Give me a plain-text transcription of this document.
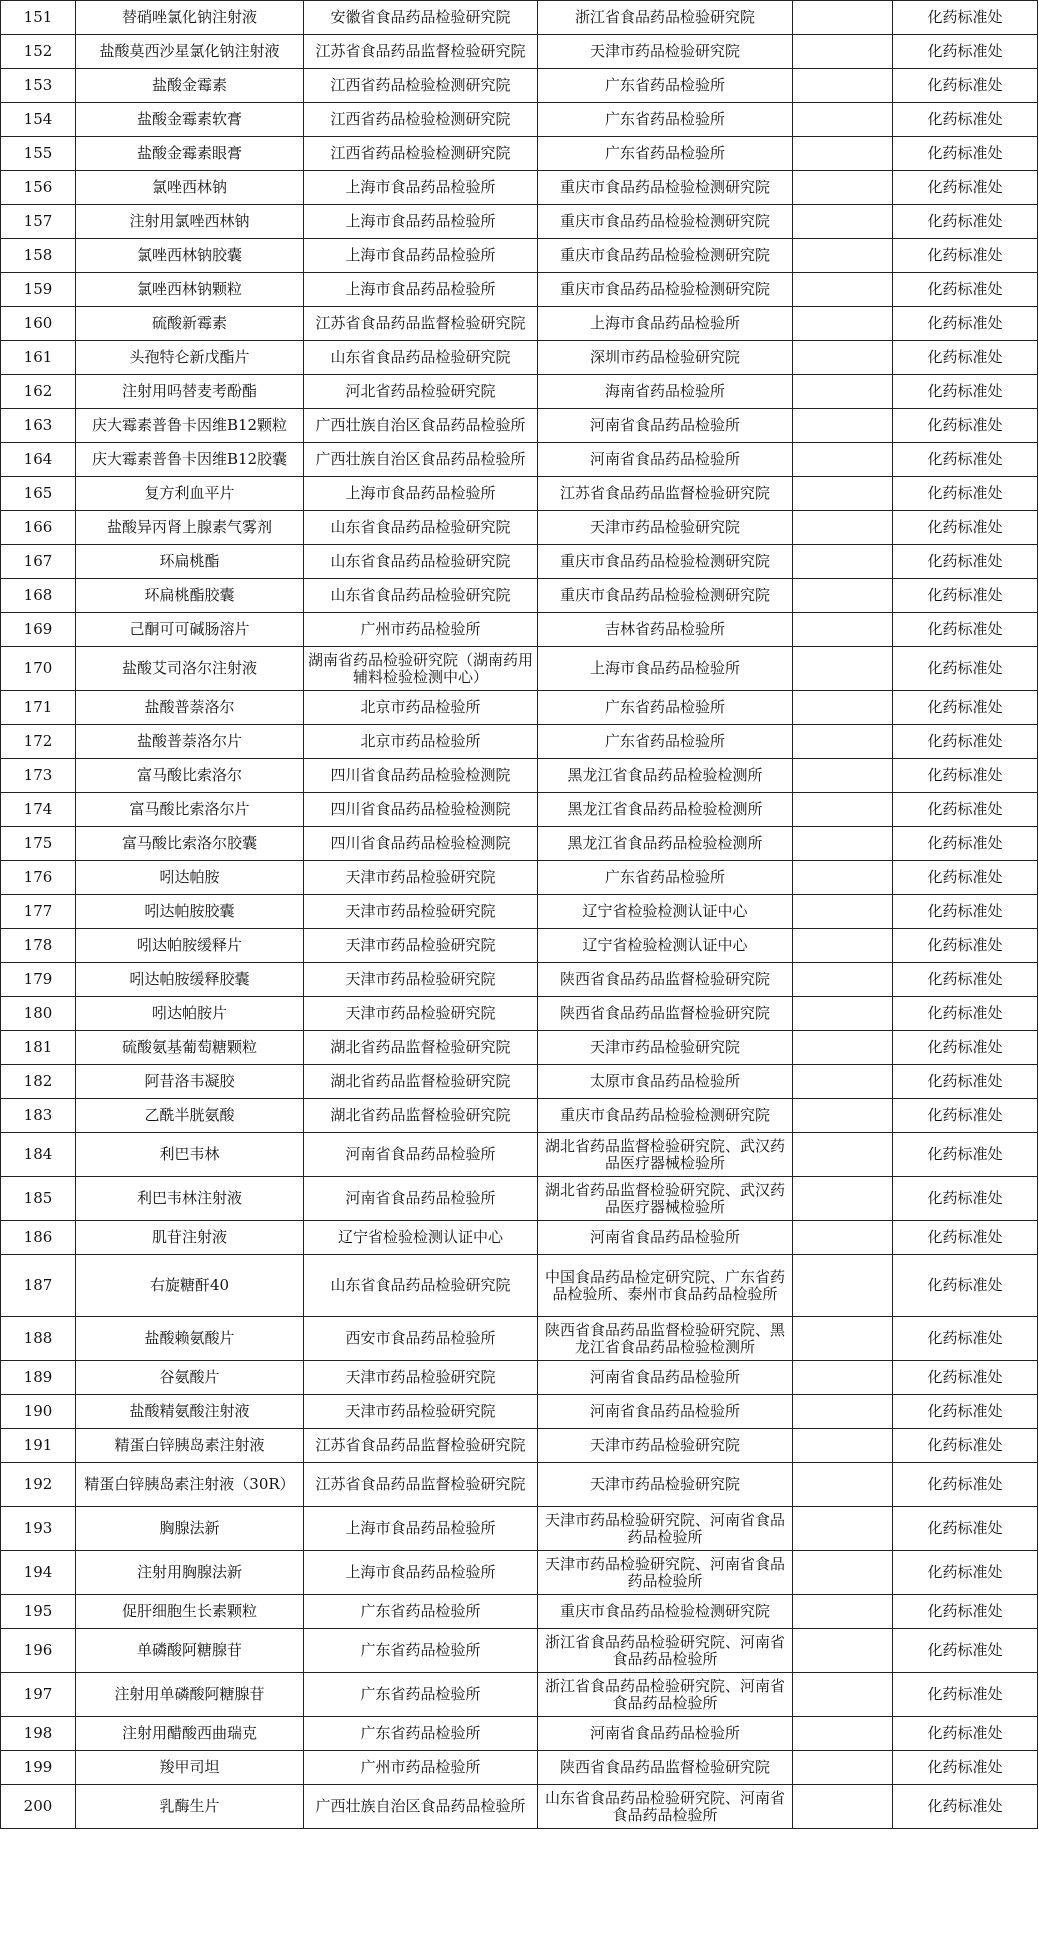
151	替硝唑氯化钠注射液	安徽省食品药品检验研究院	浙江省食品药品检验研究院		化药标准处
152	盐酸莫西沙星氯化钠注射液	江苏省食品药品监督检验研究院	天津市药品检验研究院		化药标准处
153	盐酸金霉素	江西省药品检验检测研究院	广东省药品检验所		化药标准处
154	盐酸金霉素软膏	江西省药品检验检测研究院	广东省药品检验所		化药标准处
155	盐酸金霉素眼膏	江西省药品检验检测研究院	广东省药品检验所		化药标准处
156	氯唑西林钠	上海市食品药品检验所	重庆市食品药品检验检测研究院		化药标准处
157	注射用氯唑西林钠	上海市食品药品检验所	重庆市食品药品检验检测研究院		化药标准处
158	氯唑西林钠胶囊	上海市食品药品检验所	重庆市食品药品检验检测研究院		化药标准处
159	氯唑西林钠颗粒	上海市食品药品检验所	重庆市食品药品检验检测研究院		化药标准处
160	硫酸新霉素	江苏省食品药品监督检验研究院	上海市食品药品检验所		化药标准处
161	头孢特仑新戊酯片	山东省食品药品检验研究院	深圳市药品检验研究院		化药标准处
162	注射用吗替麦考酚酯	河北省药品检验研究院	海南省药品检验所		化药标准处
163	庆大霉素普鲁卡因维B12颗粒	广西壮族自治区食品药品检验所	河南省食品药品检验所		化药标准处
164	庆大霉素普鲁卡因维B12胶囊	广西壮族自治区食品药品检验所	河南省食品药品检验所		化药标准处
165	复方利血平片	上海市食品药品检验所	江苏省食品药品监督检验研究院		化药标准处
166	盐酸异丙肾上腺素气雾剂	山东省食品药品检验研究院	天津市药品检验研究院		化药标准处
167	环扁桃酯	山东省食品药品检验研究院	重庆市食品药品检验检测研究院		化药标准处
168	环扁桃酯胶囊	山东省食品药品检验研究院	重庆市食品药品检验检测研究院		化药标准处
169	己酮可可碱肠溶片	广州市药品检验所	吉林省药品检验所		化药标准处
170	盐酸艾司洛尔注射液	湖南省药品检验研究院（湖南药用辅料检验检测中心）	上海市食品药品检验所		化药标准处
171	盐酸普萘洛尔	北京市药品检验所	广东省药品检验所		化药标准处
172	盐酸普萘洛尔片	北京市药品检验所	广东省药品检验所		化药标准处
173	富马酸比索洛尔	四川省食品药品检验检测院	黑龙江省食品药品检验检测所		化药标准处
174	富马酸比索洛尔片	四川省食品药品检验检测院	黑龙江省食品药品检验检测所		化药标准处
175	富马酸比索洛尔胶囊	四川省食品药品检验检测院	黑龙江省食品药品检验检测所		化药标准处
176	吲达帕胺	天津市药品检验研究院	广东省药品检验所		化药标准处
177	吲达帕胺胶囊	天津市药品检验研究院	辽宁省检验检测认证中心		化药标准处
178	吲达帕胺缓释片	天津市药品检验研究院	辽宁省检验检测认证中心		化药标准处
179	吲达帕胺缓释胶囊	天津市药品检验研究院	陕西省食品药品监督检验研究院		化药标准处
180	吲达帕胺片	天津市药品检验研究院	陕西省食品药品监督检验研究院		化药标准处
181	硫酸氨基葡萄糖颗粒	湖北省药品监督检验研究院	天津市药品检验研究院		化药标准处
182	阿昔洛韦凝胶	湖北省药品监督检验研究院	太原市食品药品检验所		化药标准处
183	乙酰半胱氨酸	湖北省药品监督检验研究院	重庆市食品药品检验检测研究院		化药标准处
184	利巴韦林	河南省食品药品检验所	湖北省药品监督检验研究院、武汉药品医疗器械检验所		化药标准处
185	利巴韦林注射液	河南省食品药品检验所	湖北省药品监督检验研究院、武汉药品医疗器械检验所		化药标准处
186	肌苷注射液	辽宁省检验检测认证中心	河南省食品药品检验所		化药标准处
187	右旋糖酐40	山东省食品药品检验研究院	中国食品药品检定研究院、广东省药品检验所、泰州市食品药品检验所		化药标准处
188	盐酸赖氨酸片	西安市食品药品检验所	陕西省食品药品监督检验研究院、黑龙江省食品药品检验检测所		化药标准处
189	谷氨酸片	天津市药品检验研究院	河南省食品药品检验所		化药标准处
190	盐酸精氨酸注射液	天津市药品检验研究院	河南省食品药品检验所		化药标准处
191	精蛋白锌胰岛素注射液	江苏省食品药品监督检验研究院	天津市药品检验研究院		化药标准处
192	精蛋白锌胰岛素注射液（30R）	江苏省食品药品监督检验研究院	天津市药品检验研究院		化药标准处
193	胸腺法新	上海市食品药品检验所	天津市药品检验研究院、河南省食品药品检验所		化药标准处
194	注射用胸腺法新	上海市食品药品检验所	天津市药品检验研究院、河南省食品药品检验所		化药标准处
195	促肝细胞生长素颗粒	广东省药品检验所	重庆市食品药品检验检测研究院		化药标准处
196	单磷酸阿糖腺苷	广东省药品检验所	浙江省食品药品检验研究院、河南省食品药品检验所		化药标准处
197	注射用单磷酸阿糖腺苷	广东省药品检验所	浙江省食品药品检验研究院、河南省食品药品检验所		化药标准处
198	注射用醋酸西曲瑞克	广东省药品检验所	河南省食品药品检验所		化药标准处
199	羧甲司坦	广州市药品检验所	陕西省食品药品监督检验研究院		化药标准处
200	乳酶生片	广西壮族自治区食品药品检验所	山东省食品药品检验研究院、河南省食品药品检验所		化药标准处
